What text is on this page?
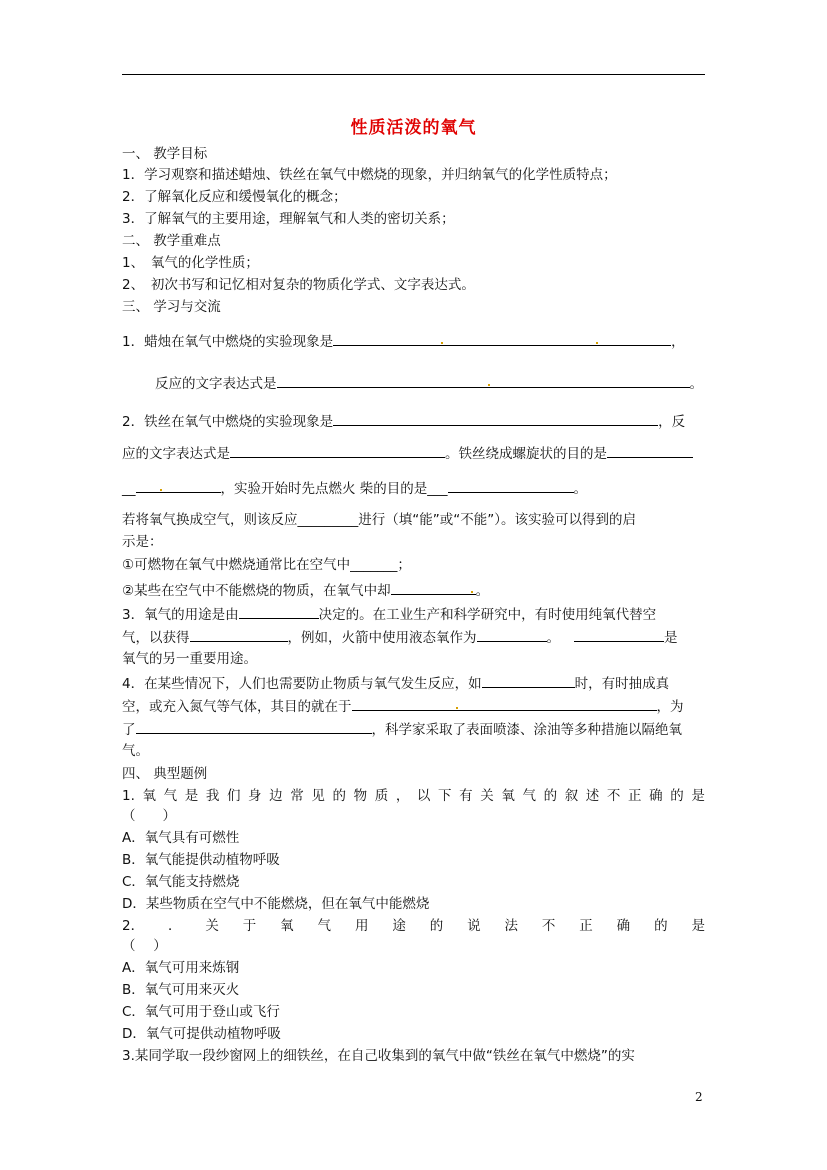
性质活泼的氧气
一、 教学目标
1．学习观察和描述蜡烛、铁丝在氧气中燃烧的现象，并归纳氧气的化学性质特点；
2．了解氧化反应和缓慢氧化的概念；
3．了解氧气的主要用途，理解氧气和人类的密切关系；
二、 教学重难点
1、　氧气的化学性质；
2、　初次书写和记忆相对复杂的物质化学式、文字表达式。
三、 学习与交流
1．蜡烛在氧气中燃烧的实验现象是	，
反应的文字表达式是	。
2．铁丝在氧气中燃烧的实验现象是	，反
应的文字表达式是	。铁丝绕成螺旋状的目的是
__	，实验开始时先点燃火 柴的目的是___	。
若将氧气换成空气，则该反应_________进行（填“能”或“不能”）。该实验可以得到的启
示是：
①可燃物在氧气中燃烧通常比在空气中_______；
②某些在空气中不能燃烧的物质，在氧气中却	。
3．氧气的用途是由	决定的。在工业生产和科学研究中，有时使用纯氧代替空
气，以获得	，例如，火箭中使用液态氧作为	。	是
氧气的另一重要用途。
4．在某些情况下，人们也需要防止物质与氧气发生反应，如	时，有时抽成真
空，或充入氮气等气体，其目的就在于	，为
了	，科学家采取了表面喷漆、涂油等多种措施以隔绝氧
气。
四、 典型题例
1. 氧 气 是 我 们 身 边 常 见 的 物 质 ， 以 下 有 关 氧 气 的 叙 述 不 正 确 的 是
（　　）
A．氧气具有可燃性
B．氧气能提供动植物呼吸
C．氧气能支持燃烧
D．某些物质在空气中不能燃烧，但在氧气中能燃烧
2． ． 关 于 氧 气 用 途 的 说 法 不 正 确 的 是
（　 ）
A．氧气可用来炼钢
B．氧气可用来灭火
C．氧气可用于登山或飞行
D．氧气可提供动植物呼吸
3.某同学取一段纱窗网上的细铁丝，在自己收集到的氧气中做“铁丝在氧气中燃烧”的实
2
